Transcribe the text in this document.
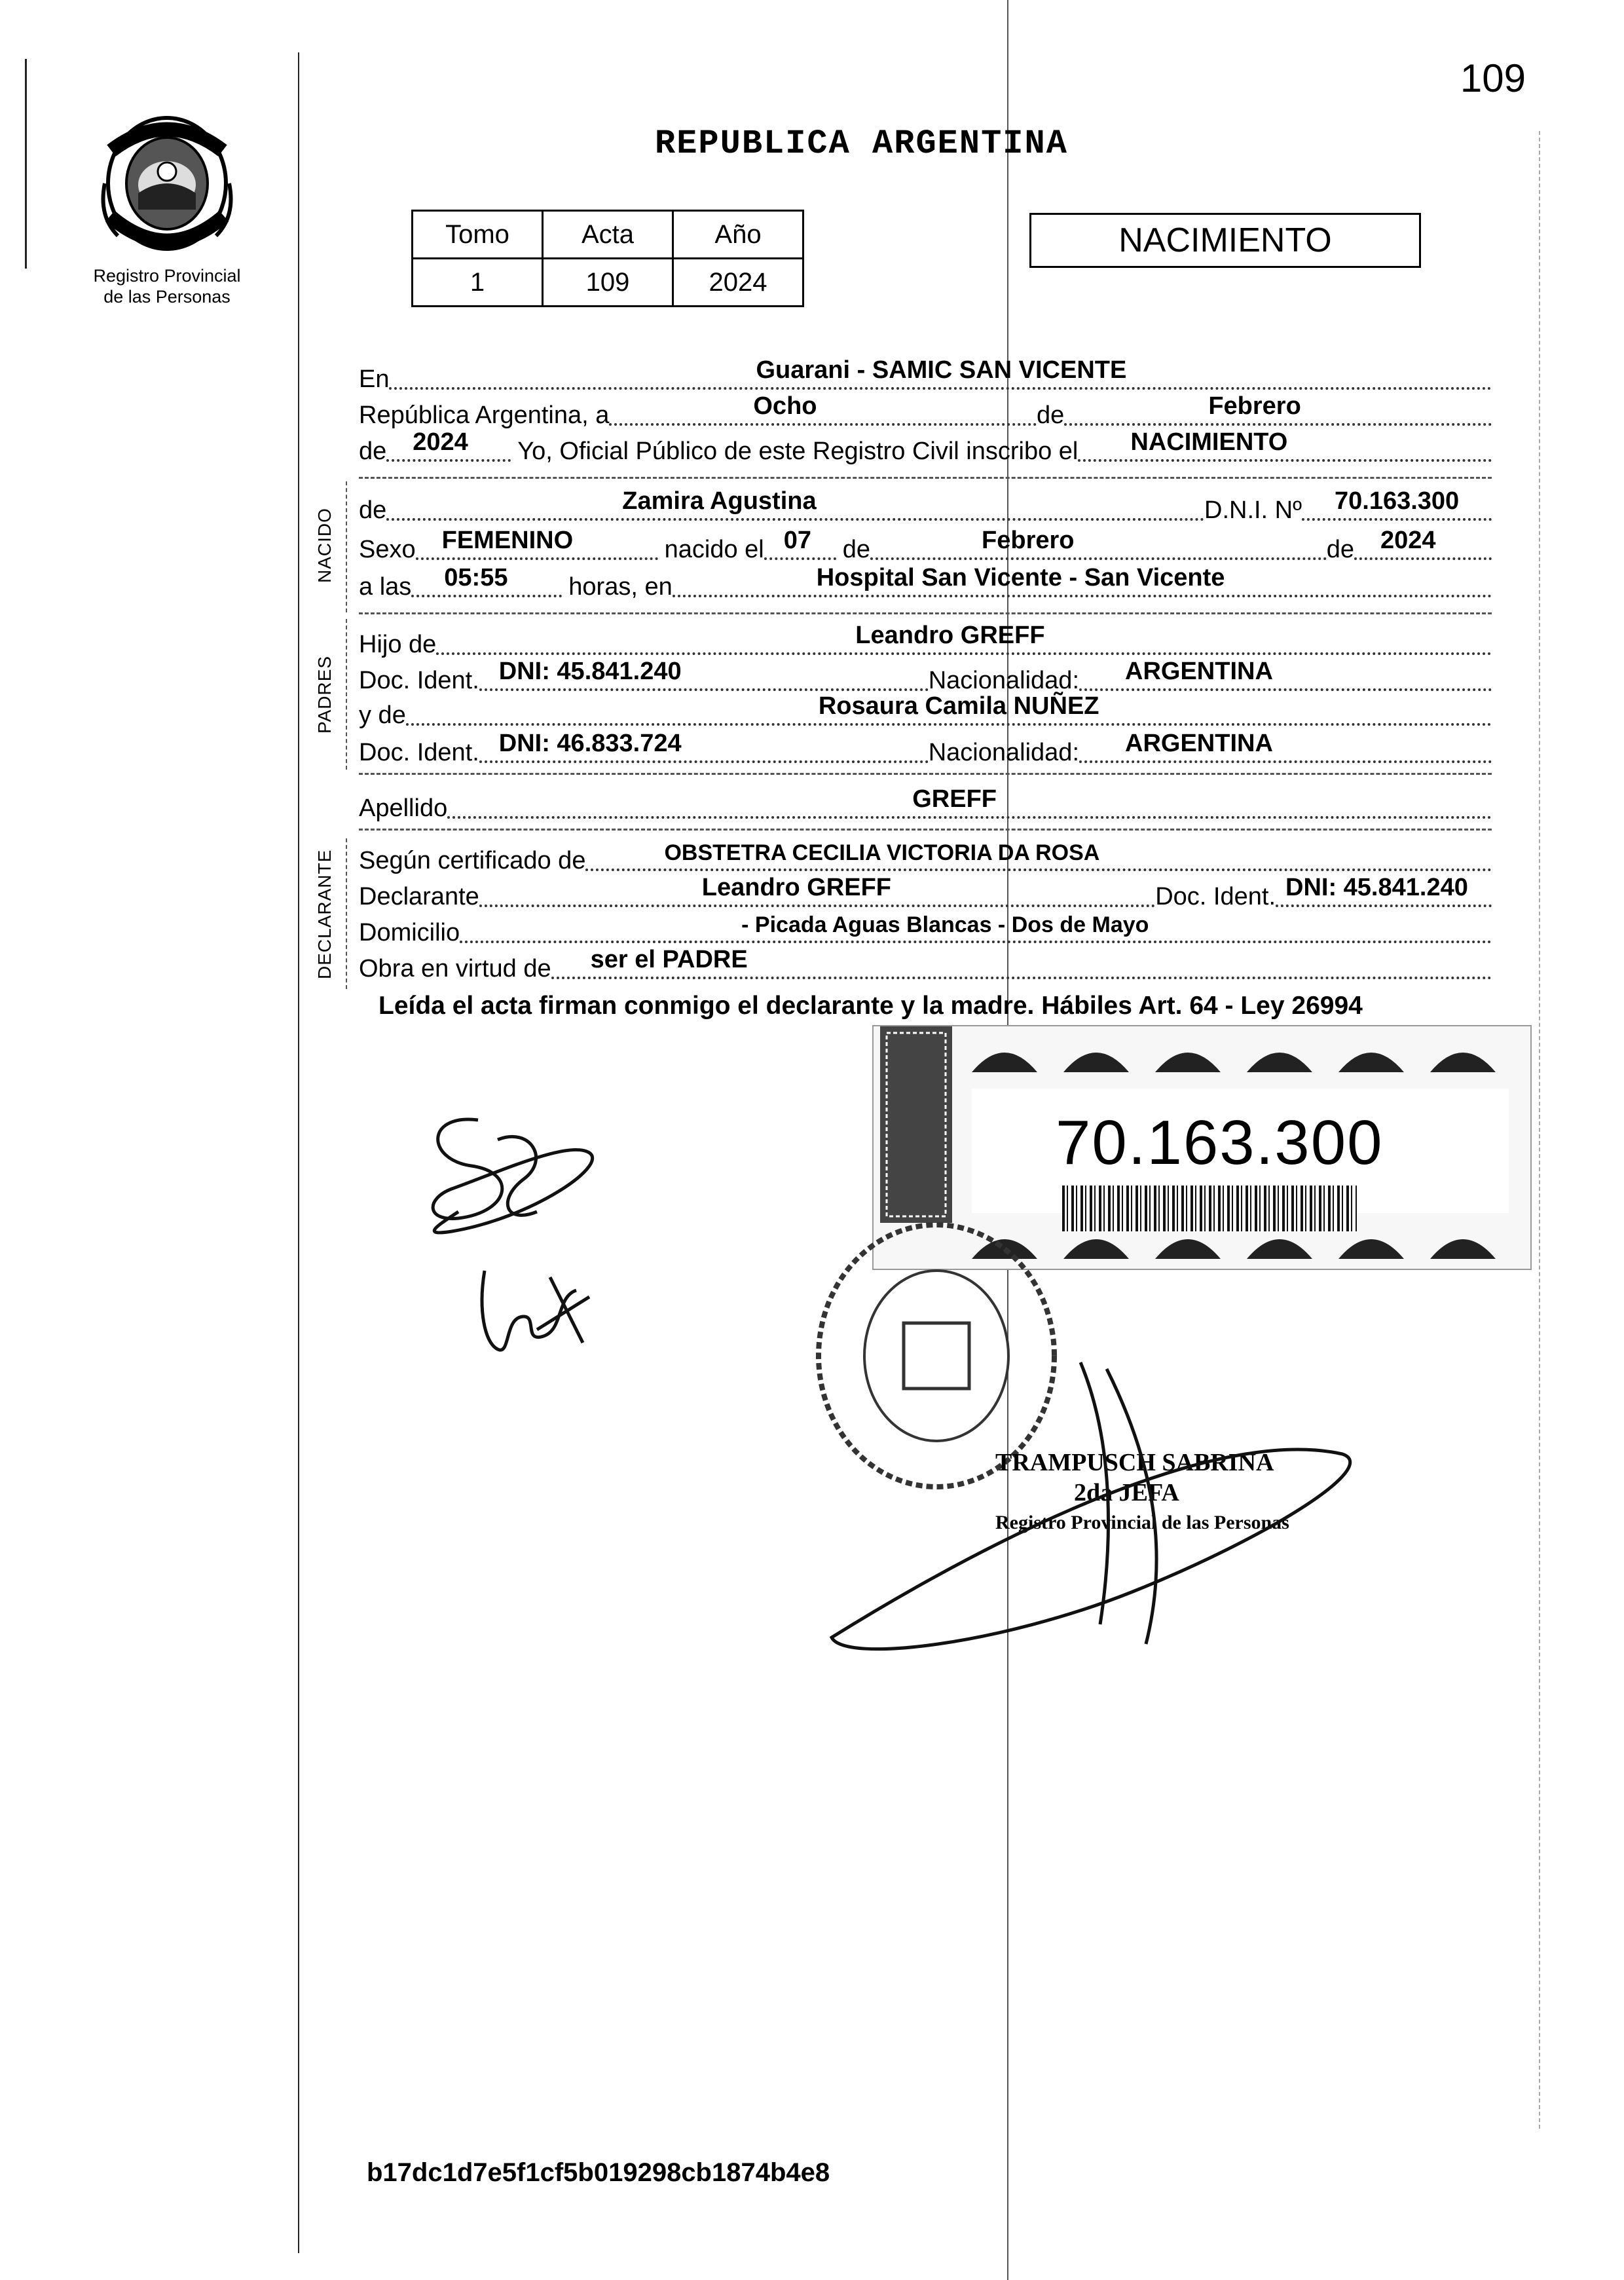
109
Registro Provincial
de las Personas
REPUBLICA ARGENTINA
Tomo	Acta	Año
1	109	2024
NACIMIENTO
En	Guarani - SAMIC SAN VICENTE
República Argentina, a	Ocho	de	Febrero
de 2024 Yo, Oficial Público de este Registro Civil inscribo el NACIMIENTO
de	Zamira Agustina	D.N.I. Nº 70.163.300
Sexo FEMENINO	nacido el 07 de	Febrero	de 2024
a las 05:55 horas, en	Hospital San Vicente - San Vicente
Hijo de	Leandro GREFF
Doc. Ident. DNI: 45.841.240	Nacionalidad: ARGENTINA
y de	Rosaura Camila NUÑEZ
Doc. Ident. DNI: 46.833.724	Nacionalidad: ARGENTINA
Apellido	GREFF
Según certificado de	OBSTETRA CECILIA VICTORIA DA ROSA
Declarante	Leandro GREFF	Doc. Ident. DNI: 45.841.240
Domicilio	- Picada Aguas Blancas - Dos de Mayo
Obra en virtud de ser el PADRE
NACIDO
PADRES
DECLARANTE
Leída el acta firman conmigo el declarante y la madre. Hábiles Art. 64 - Ley 26994
70.163.300
TRAMPUSCH SABRINA
2da JEFA
Registro Provincial de las Personas
b17dc1d7e5f1cf5b019298cb1874b4e8
